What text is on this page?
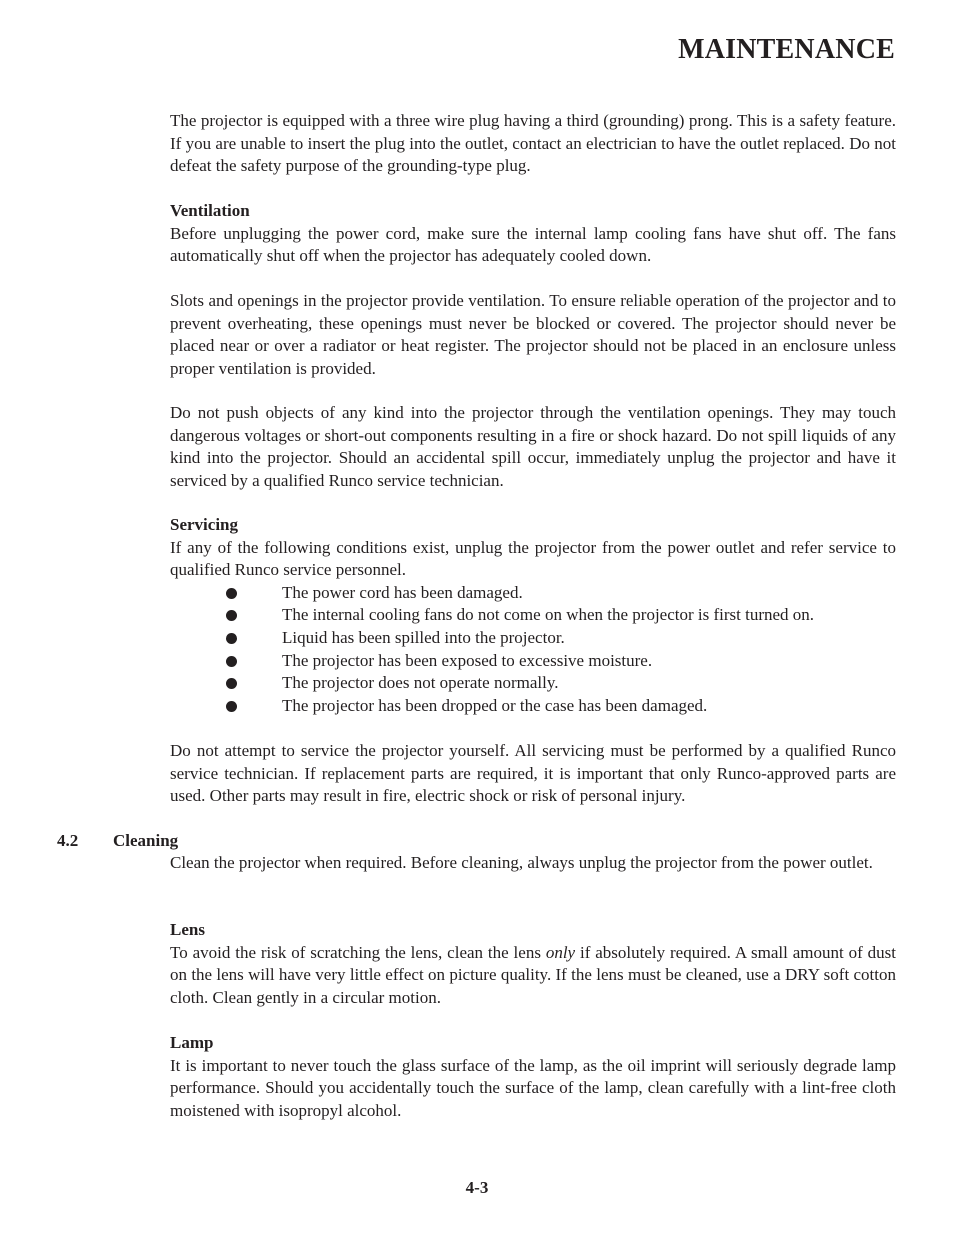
MAINTENANCE

The projector is equipped with a three wire plug having a third (grounding) prong. This is a safety feature. If you are unable to insert the plug into the outlet, contact an electrician to have the outlet replaced. Do not defeat the safety purpose of the grounding-type plug.

Ventilation

Before unplugging the power cord, make sure the internal lamp cooling fans have shut off. The fans automatically shut off when the projector has adequately cooled down.

Slots and openings in the projector provide ventilation. To ensure reliable operation of the projector and to prevent overheating, these openings must never be blocked or covered. The projector should never be placed near or over a radiator or heat register. The projector should not be placed in an enclosure unless proper ventilation is provided.

Do not push objects of any kind into the projector through the ventilation openings. They may touch dangerous voltages or short-out components resulting in a fire or shock hazard. Do not spill liquids of any kind into the projector. Should an accidental spill occur, immediately unplug the projector and have it serviced by a qualified Runco service technician.

Servicing

If any of the following conditions exist, unplug the projector from the power outlet and refer service to qualified Runco service personnel.

The power cord has been damaged.
The internal cooling fans do not come on when the projector is first turned on.
Liquid has been spilled into the projector.
The projector has been exposed to excessive moisture.
The projector does not operate normally.
The projector has been dropped or the case has been damaged.

Do not attempt to service the projector yourself. All servicing must be performed by a qualified Runco service technician. If replacement parts are required, it is important that only Runco-approved parts are used. Other parts may result in fire, electric shock or risk of personal injury.

4.2 Cleaning

Clean the projector when required. Before cleaning, always unplug the projector from the power outlet.

Lens

To avoid the risk of scratching the lens, clean the lens only if absolutely required. A small amount of dust on the lens will have very little effect on picture quality. If the lens must be cleaned, use a DRY soft cotton cloth. Clean gently in a circular motion.

Lamp

It is important to never touch the glass surface of the lamp, as the oil imprint will seriously degrade lamp performance. Should you accidentally touch the surface of the lamp, clean carefully with a lint-free cloth moistened with isopropyl alcohol.

4-3
